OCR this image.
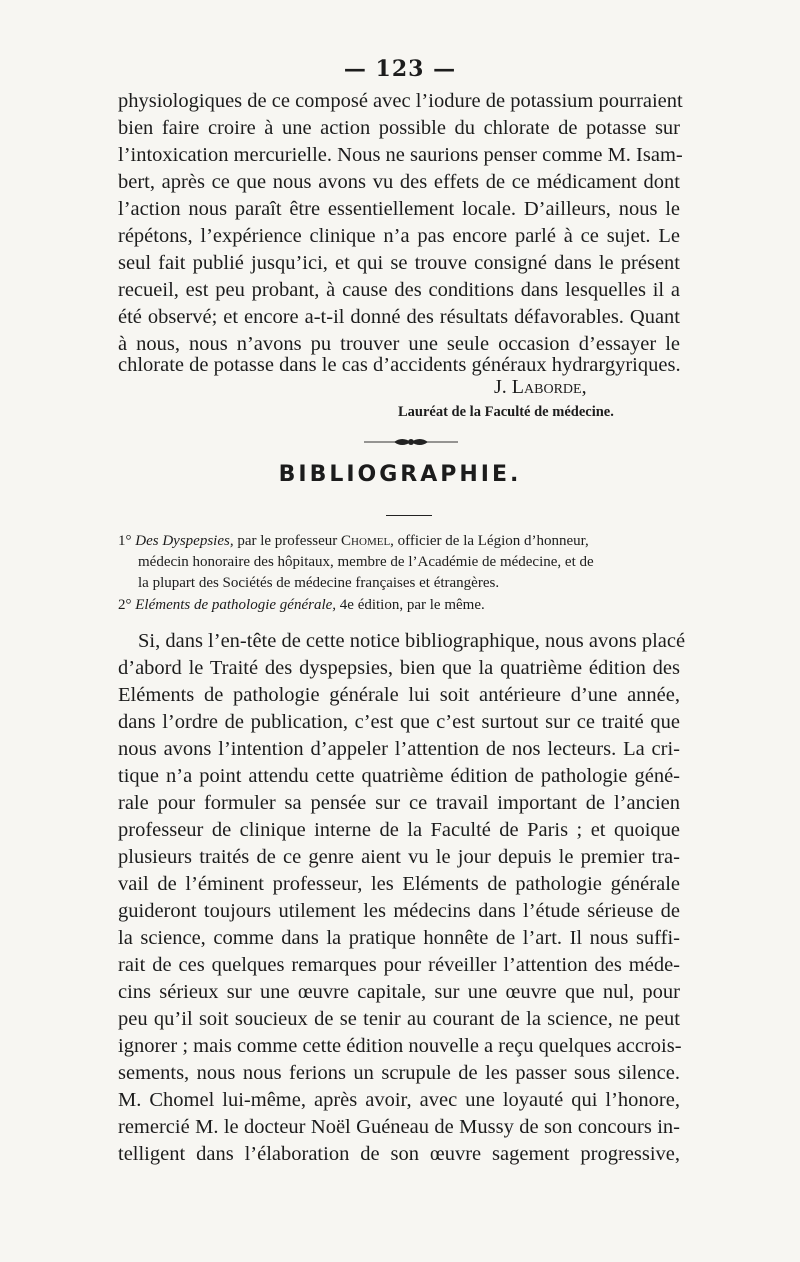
— 123 —
physiologiques de ce composé avec l’iodure de potassium pourraient
bien faire croire à une action possible du chlorate de potasse sur
l’intoxication mercurielle. Nous ne saurions penser comme M. Isam-
bert, après ce que nous avons vu des effets de ce médicament dont
l’action nous paraît être essentiellement locale. D’ailleurs, nous le
répétons, l’expérience clinique n’a pas encore parlé à ce sujet. Le
seul fait publié jusqu’ici, et qui se trouve consigné dans le présent
recueil, est peu probant, à cause des conditions dans lesquelles il a
été observé; et encore a-t-il donné des résultats défavorables. Quant
à nous, nous n’avons pu trouver une seule occasion d’essayer le
chlorate de potasse dans le cas d’accidents généraux hydrargyriques.
J. Laborde,
Lauréat de la Faculté de médecine.
BIBLIOGRAPHIE.
1° Des Dyspepsies, par le professeur Chomel, officier de la Légion d’honneur,
médecin honoraire des hôpitaux, membre de l’Académie de médecine, et de
la plupart des Sociétés de médecine françaises et étrangères.
2° Eléments de pathologie générale, 4e édition, par le même.
Si, dans l’en-tête de cette notice bibliographique, nous avons placé
d’abord le Traité des dyspepsies, bien que la quatrième édition des
Eléments de pathologie générale lui soit antérieure d’une année,
dans l’ordre de publication, c’est que c’est surtout sur ce traité que
nous avons l’intention d’appeler l’attention de nos lecteurs. La cri-
tique n’a point attendu cette quatrième édition de pathologie géné-
rale pour formuler sa pensée sur ce travail important de l’ancien
professeur de clinique interne de la Faculté de Paris ; et quoique
plusieurs traités de ce genre aient vu le jour depuis le premier tra-
vail de l’éminent professeur, les Eléments de pathologie générale
guideront toujours utilement les médecins dans l’étude sérieuse de
la science, comme dans la pratique honnête de l’art. Il nous suffi-
rait de ces quelques remarques pour réveiller l’attention des méde-
cins sérieux sur une œuvre capitale, sur une œuvre que nul, pour
peu qu’il soit soucieux de se tenir au courant de la science, ne peut
ignorer ; mais comme cette édition nouvelle a reçu quelques accrois-
sements, nous nous ferions un scrupule de les passer sous silence.
M. Chomel lui-même, après avoir, avec une loyauté qui l’honore,
remercié M. le docteur Noël Guéneau de Mussy de son concours in-
telligent dans l’élaboration de son œuvre sagement progressive,
